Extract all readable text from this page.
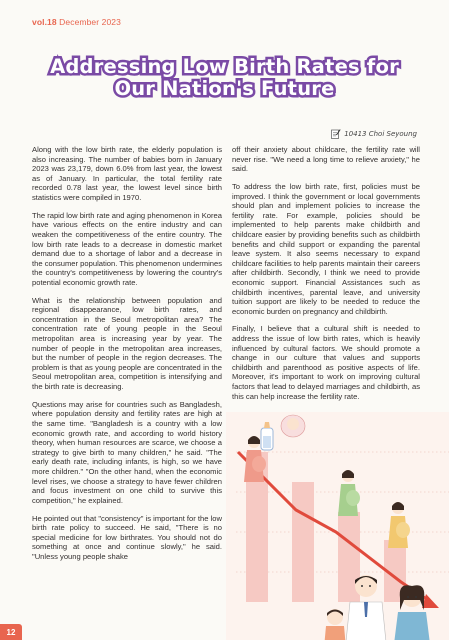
vol.18 December 2023
Addressing Low Birth Rates for
Our Nation's Future
10413 Choi Seyoung

Along with the low birth rate, the elderly population is also increasing. The number of babies born in January 2023 was 23,179, down 6.0% from last year, the lowest as of January. In particular, the total fertility rate recorded 0.78 last year, the lowest level since birth statistics were compiled in 1970.

The rapid low birth rate and aging phenomenon in Korea have various effects on the entire industry and can weaken the competitiveness of the entire country. The low birth rate leads to a decrease in domestic market demand due to a shortage of labor and a decrease in the consumer population. This phenomenon undermines the country's competitiveness by lowering the country's potential economic growth rate.

What is the relationship between population and regional disappearance, low birth rates, and concentration in the Seoul metropolitan area? The concentration rate of young people in the Seoul metropolitan area is increasing year by year. The number of people in the metropolitan area increases, but the number of people in the region decreases. The problem is that as young people are concentrated in the Seoul metropolitan area, competition is intensifying and the birth rate is decreasing.

Questions may arise for countries such as Bangladesh, where population density and fertility rates are high at the same time. "Bangladesh is a country with a low economic growth rate, and according to world history theory, when human resources are scarce, we choose a strategy to give birth to many children," he said. "The early death rate, including infants, is high, so we have more children." "On the other hand, when the economic level rises, we choose a strategy to have fewer children and focus investment on one child to survive this competition," he explained.

He pointed out that "consistency" is important for the low birth rate policy to succeed. He said, "There is no special medicine for low birthrates. You should not do something at once and continue slowly," he said. "Unless young people shake

off their anxiety about childcare, the fertility rate will never rise. "We need a long time to relieve anxiety," he said.

To address the low birth rate, first, policies must be improved. I think the government or local governments should plan and implement policies to increase the fertility rate. For example, policies should be implemented to help parents make childbirth and childcare easier by providing benefits such as childbirth benefits and child support or expanding the parental leave system. It also seems necessary to expand childcare facilities to help parents maintain their careers after childbirth. Secondly, I think we need to provide economic support. Financial Assistances such as childbirth incentives, parental leave, and university tuition support are likely to be needed to reduce the economic burden on pregnancy and childbirth.

Finally, I believe that a cultural shift is needed to address the issue of low birth rates, which is heavily influenced by cultural factors. We should promote a change in our culture that values and supports childbirth and parenthood as positive aspects of life. Moreover, it's important to work on improving cultural factors that lead to delayed marriages and childbirth, as this can help increase the fertility rate.

12
